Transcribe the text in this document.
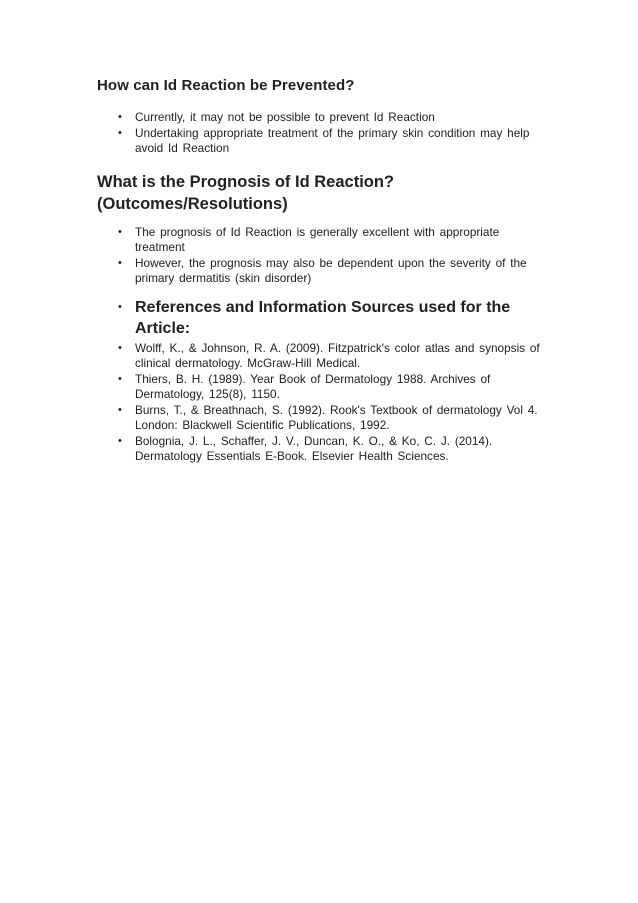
How can Id Reaction be Prevented?
• Currently, it may not be possible to prevent Id Reaction
• Undertaking appropriate treatment of the primary skin condition may help avoid Id Reaction
What is the Prognosis of Id Reaction? (Outcomes/Resolutions)
• The prognosis of Id Reaction is generally excellent with appropriate treatment
• However, the prognosis may also be dependent upon the severity of the primary dermatitis (skin disorder)
• References and Information Sources used for the Article:
• Wolff, K., & Johnson, R. A. (2009). Fitzpatrick's color atlas and synopsis of clinical dermatology. McGraw-Hill Medical.
• Thiers, B. H. (1989). Year Book of Dermatology 1988. Archives of Dermatology, 125(8), 1150.
• Burns, T., & Breathnach, S. (1992). Rook's Textbook of dermatology Vol 4. London: Blackwell Scientific Publications, 1992.
• Bolognia, J. L., Schaffer, J. V., Duncan, K. O., & Ko, C. J. (2014). Dermatology Essentials E-Book. Elsevier Health Sciences.
